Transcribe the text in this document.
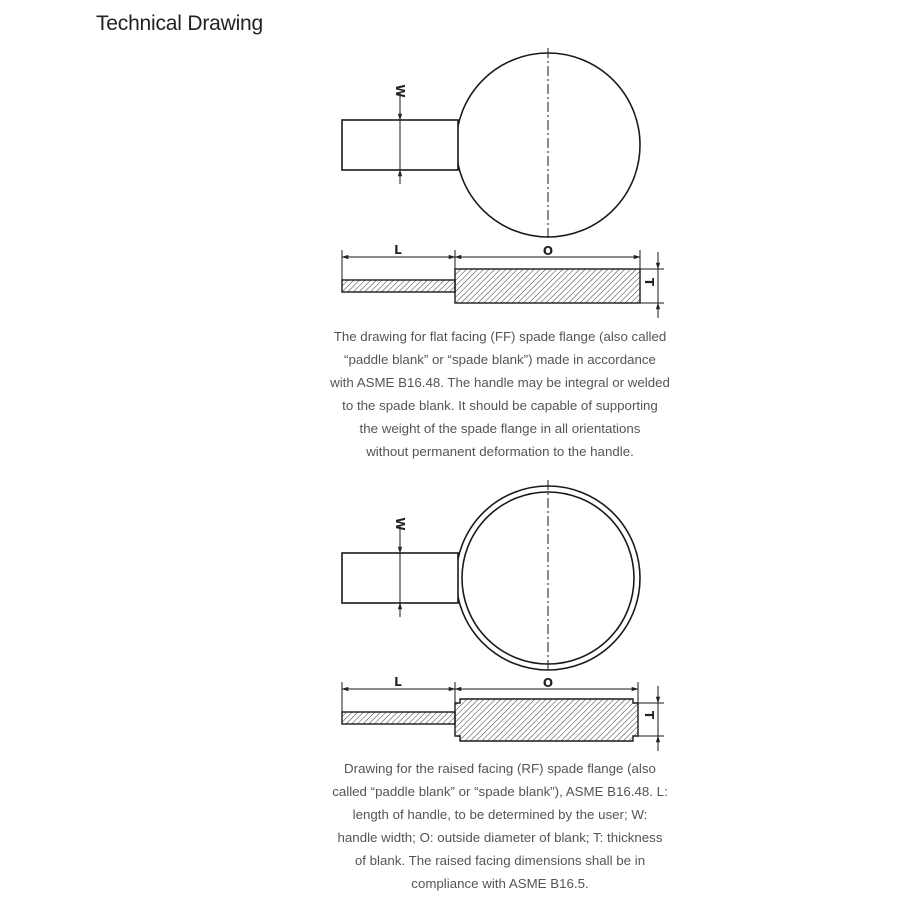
Technical Drawing
W
L	O
T

The drawing for flat facing (FF) spade flange (also called
“paddle blank” or “spade blank”) made in accordance
with ASME B16.48. The handle may be integral or welded
to the spade blank. It should be capable of supporting
the weight of the spade flange in all orientations
without permanent deformation to the handle.

W
L	O
T

Drawing for the raised facing (RF) spade flange (also
called “paddle blank” or “spade blank”), ASME B16.48. L:
length of handle, to be determined by the user; W:
handle width; O: outside diameter of blank; T: thickness
of blank. The raised facing dimensions shall be in
compliance with ASME B16.5.
